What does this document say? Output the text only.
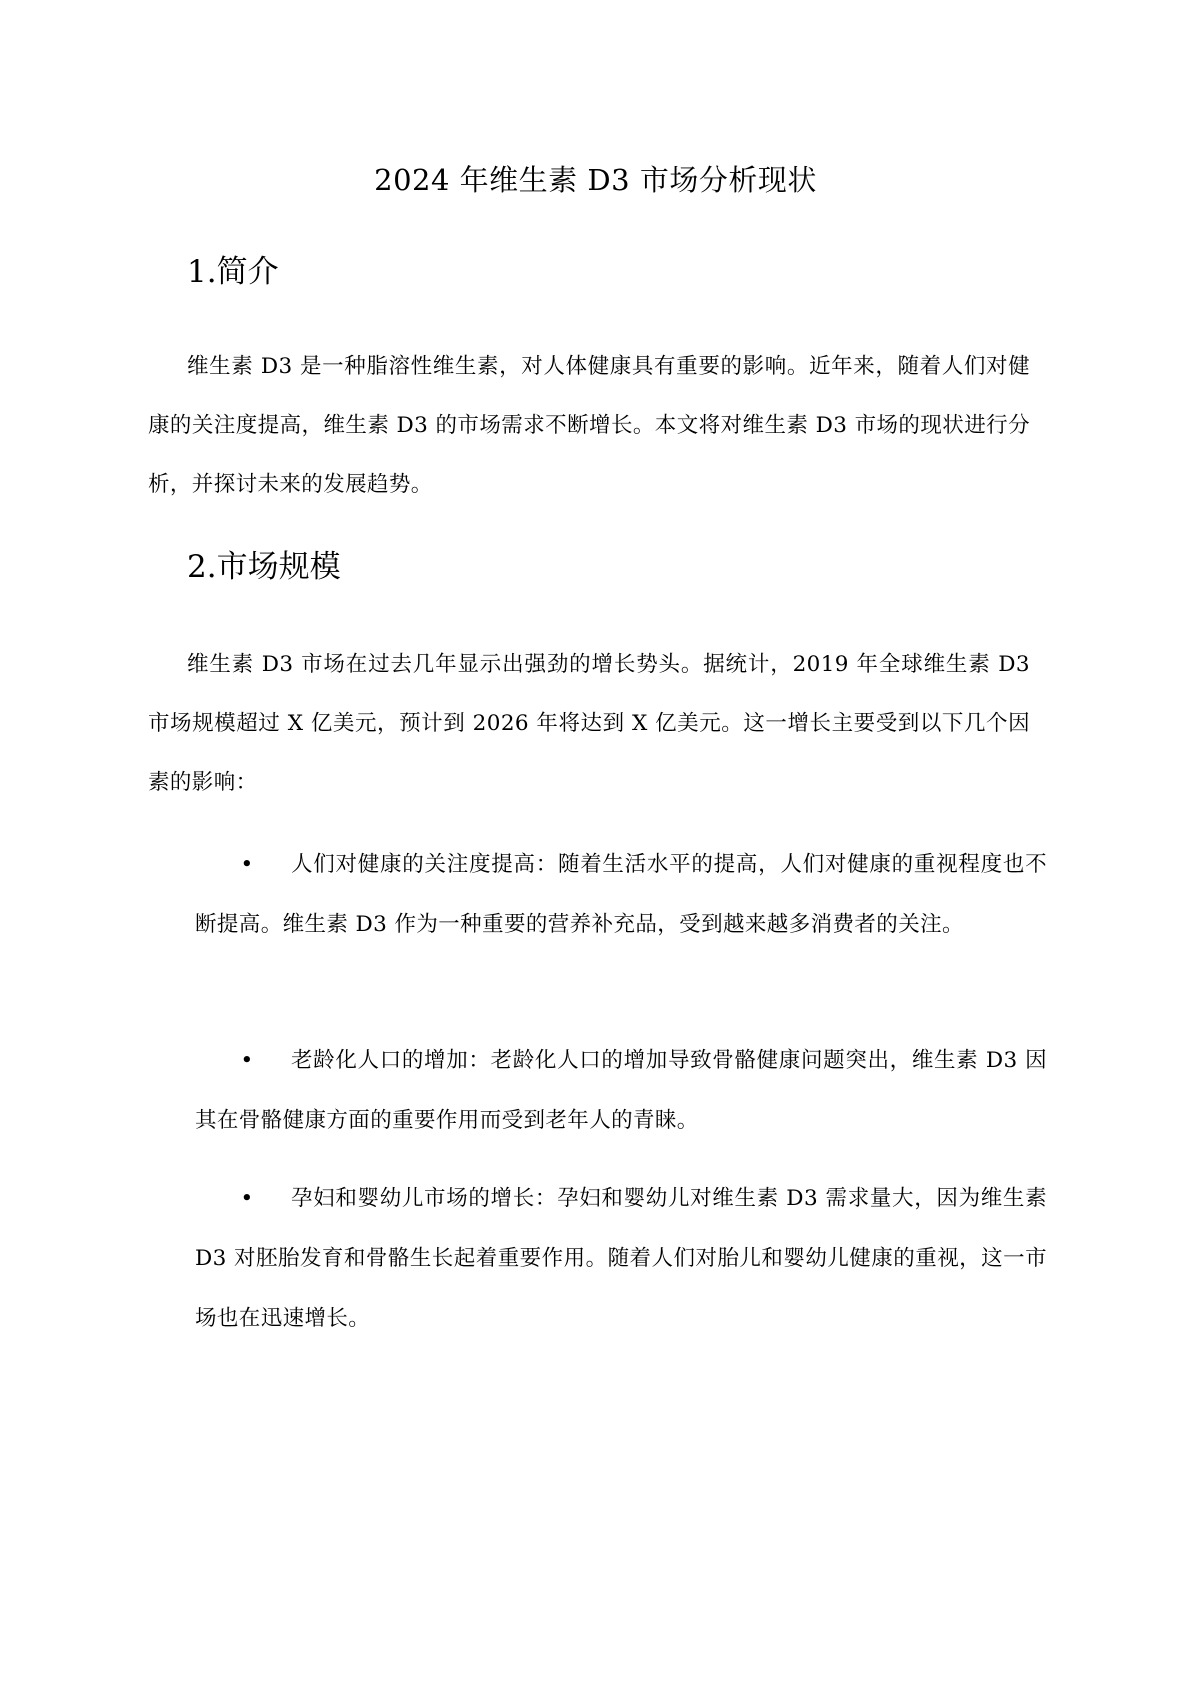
2024 年维生素 D3 市场分析现状
1.简介
维生素 D3 是一种脂溶性维生素，对人体健康具有重要的影响。近年来，随着人们对健康的关注度提高，维生素 D3 的市场需求不断增长。本文将对维生素 D3 市场的现状进行分析，并探讨未来的发展趋势。
2.市场规模
维生素 D3 市场在过去几年显示出强劲的增长势头。据统计，2019 年全球维生素 D3 市场规模超过 X 亿美元，预计到 2026 年将达到 X 亿美元。这一增长主要受到以下几个因素的影响：
•	人们对健康的关注度提高：随着生活水平的提高，人们对健康的重视程度也不断提高。维生素 D3 作为一种重要的营养补充品，受到越来越多消费者的关注。
•	老龄化人口的增加：老龄化人口的增加导致骨骼健康问题突出，维生素 D3 因其在骨骼健康方面的重要作用而受到老年人的青睐。
•	孕妇和婴幼儿市场的增长：孕妇和婴幼儿对维生素 D3 需求量大，因为维生素 D3 对胚胎发育和骨骼生长起着重要作用。随着人们对胎儿和婴幼儿健康的重视，这一市场也在迅速增长。
